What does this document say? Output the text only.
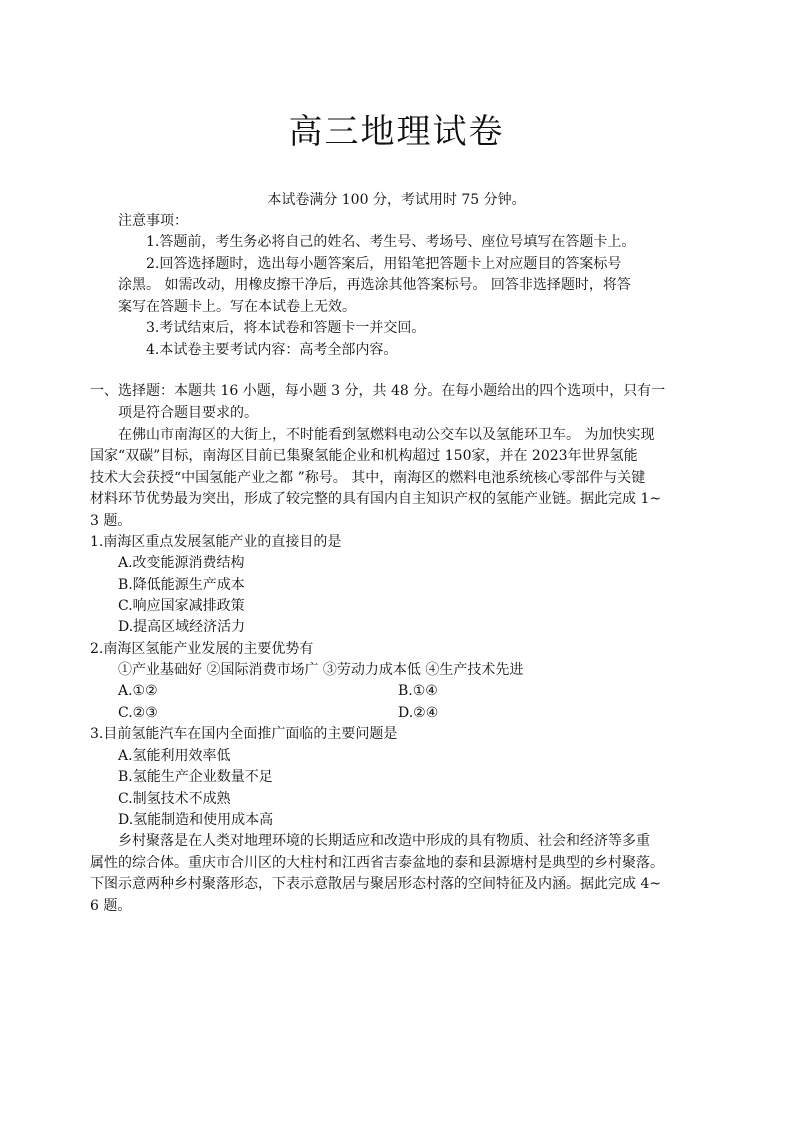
高三地理试卷
本试卷满分 100 分，考试用时 75 分钟。
注意事项：
1.答题前，考生务必将自己的姓名、考生号、考场号、座位号填写在答题卡上。
2.回答选择题时，选出每小题答案后，用铅笔把答题卡上对应题目的答案标号
涂黑。 如需改动，用橡皮擦干净后，再选涂其他答案标号。 回答非选择题时，将答
案写在答题卡上。写在本试卷上无效。
3.考试结束后，将本试卷和答题卡一并交回。
4.本试卷主要考试内容：高考全部内容。
一、选择题：本题共 16 小题，每小题 3 分，共 48 分。在每小题给出的四个选项中，只有一
项是符合题目要求的。
在佛山市南海区的大街上，不时能看到氢燃料电动公交车以及氢能环卫车。 为加快实现
国家“双碳”目标，南海区目前已集聚氢能企业和机构超过 150家，并在 2023年世界氢能
技术大会获授“中国氢能产业之都 ”称号。 其中，南海区的燃料电池系统核心零部件与关键
材料环节优势最为突出，形成了较完整的具有国内自主知识产权的氢能产业链。据此完成 1~
3 题。
1.南海区重点发展氢能产业的直接目的是
A.改变能源消费结构
B.降低能源生产成本
C.响应国家减排政策
D.提高区域经济活力
2.南海区氢能产业发展的主要优势有
①产业基础好 ②国际消费市场广 ③劳动力成本低 ④生产技术先进
A.①②	B.①④
C.②③	D.②④
3.目前氢能汽车在国内全面推广面临的主要问题是
A.氢能利用效率低
B.氢能生产企业数量不足
C.制氢技术不成熟
D.氢能制造和使用成本高
乡村聚落是在人类对地理环境的长期适应和改造中形成的具有物质、社会和经济等多重
属性的综合体。重庆市合川区的大柱村和江西省吉泰盆地的泰和县源塘村是典型的乡村聚落。
下图示意两种乡村聚落形态，下表示意散居与聚居形态村落的空间特征及内涵。据此完成 4~
6 题。
